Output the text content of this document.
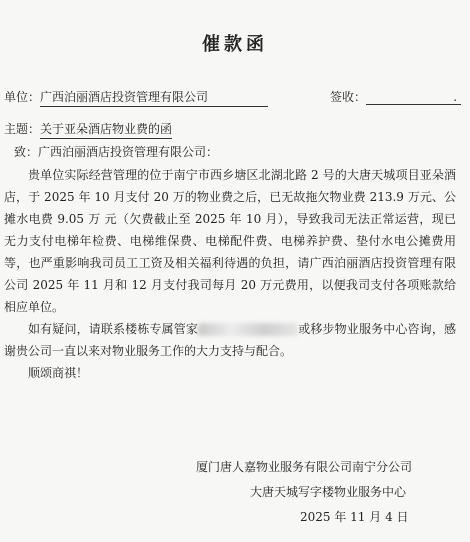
催款函
单位：广西泊丽酒店投资管理有限公司	签收：	.
主题：关于亚朵酒店物业费的函
致：广西泊丽酒店投资管理有限公司：

贵单位实际经营管理的位于南宁市西乡塘区北湖北路 2 号的大唐天城项目亚朵酒店，于 2025 年 10 月支付 20 万的物业费之后，已无故拖欠物业费 213.9 万元、公摊水电费 9.05 万 元（欠费截止至 2025 年 10 月），导致我司无法正常运营，现已无力支付电梯年检费、电梯维保费、电梯配件费、电梯养护费、垫付水电公摊费用等，也严重影响我司员工工资及相关福利待遇的负担，请广西泊丽酒店投资管理有限公司 2025 年 11 月和 12 月支付我司每月 20 万元费用，以便我司支付各项账款给相应单位。

如有疑问，请联系楼栋专属管家	或移步物业服务中心咨询，感谢贵公司一直以来对物业服务工作的大力支持与配合。

顺颂商祺！

厦门唐人嘉物业服务有限公司南宁分公司
大唐天城写字楼物业服务中心
2025 年 11 月 4 日
